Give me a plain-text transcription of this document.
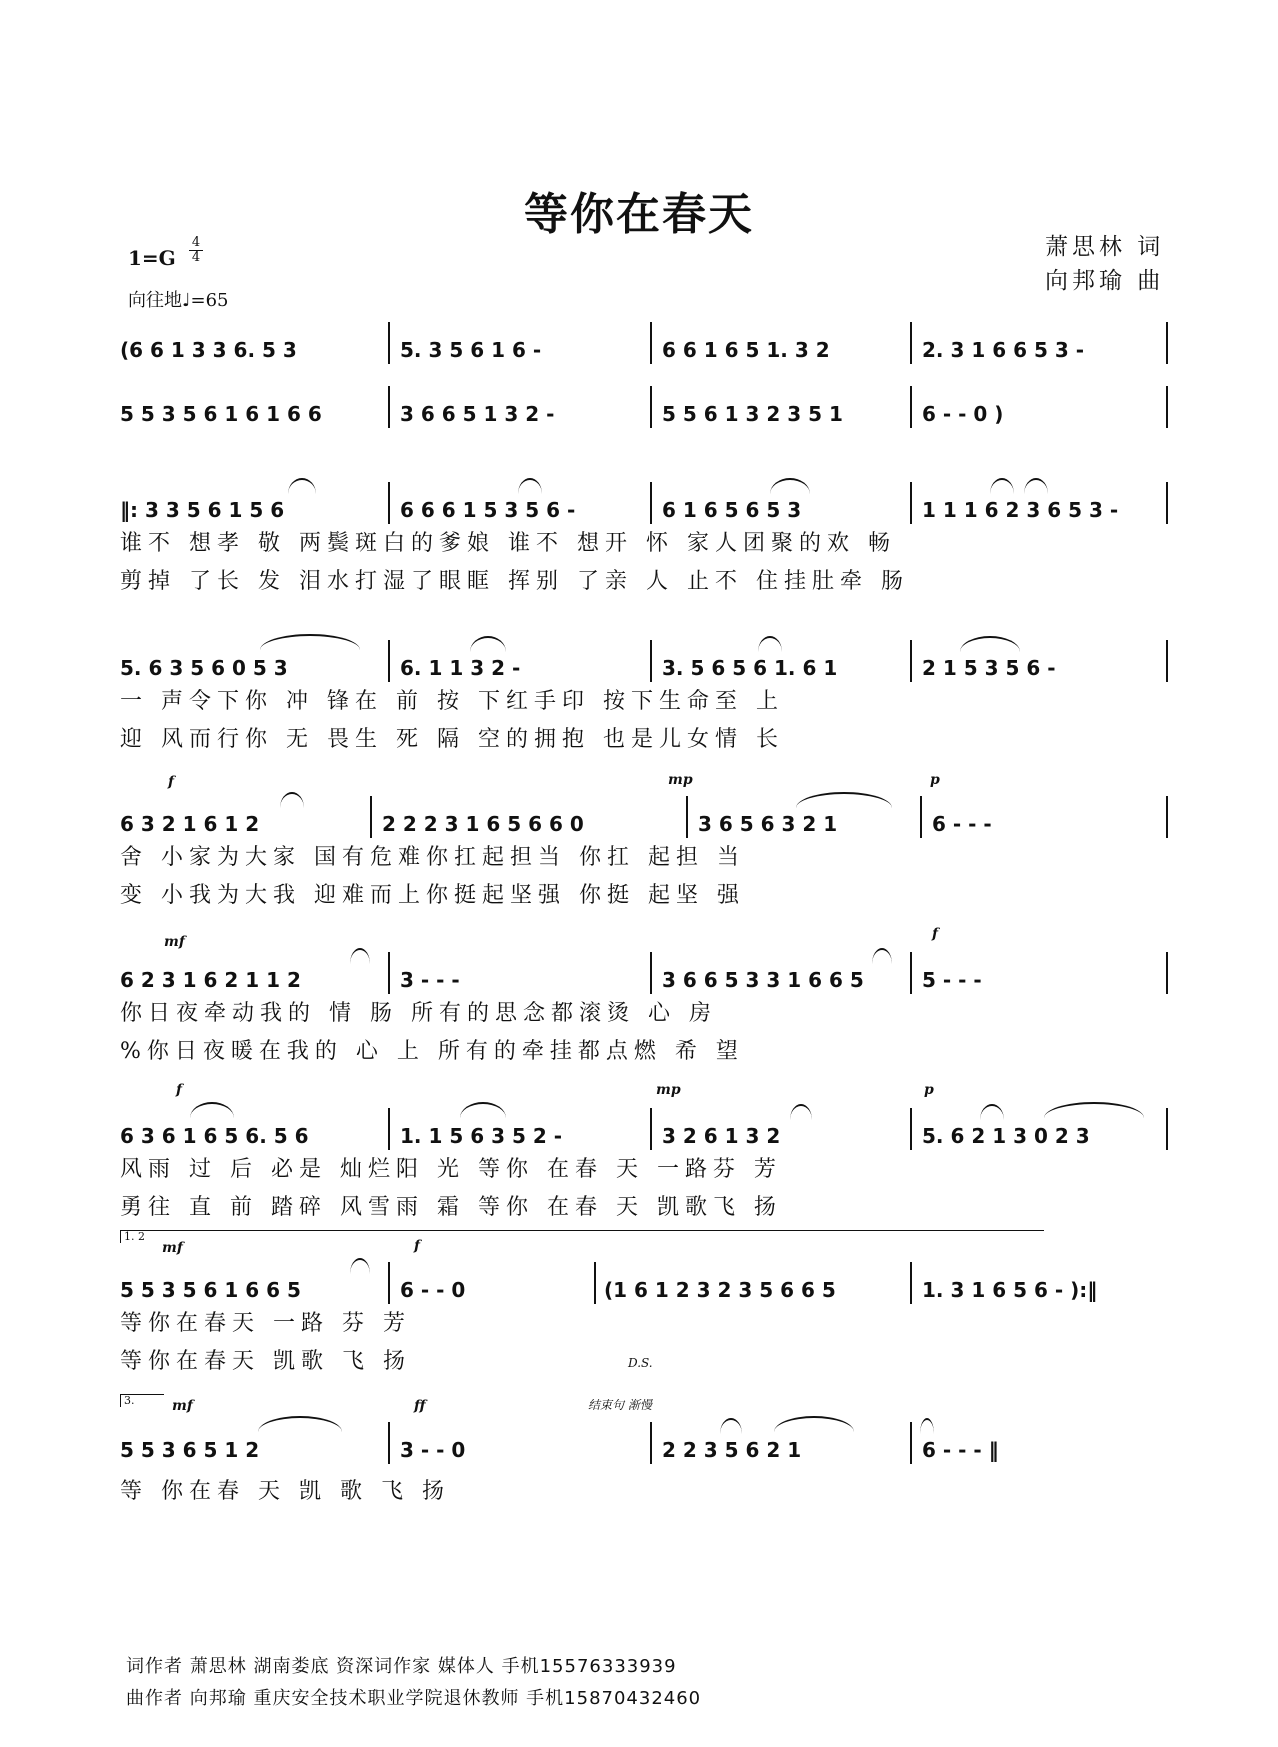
等你在春天
萧思林 词
向邦瑜 曲
1=G
4
4
向往地♩=65
(6 6 1 3 3 6. 5 3	5. 3 5 6 1 6 -	6 6 1 6 5 1. 3 2	2. 3 1 6 6 5 3 -
5 5 3 5 6 1 6 1 6 6	3 6 6 5 1 3 2 -	5 5 6 1 3 2 3 5 1	6 - - 0 )
‖: 3 3 5 6 1 5 6	6 6 6 1 5 3 5 6 -	6 1 6 5 6 5 3	1 1 1 6 2 3 6 5 3 -
谁不 想孝 敬 两鬓斑白的爹娘 谁不 想开 怀 家人团聚的欢 畅
剪掉 了长 发 泪水打湿了眼眶 挥别 了亲 人 止不 住挂肚牵 肠
5. 6 3 5 6 0 5 3	6. 1 1 3 2 -	3. 5 6 5 6 1. 6 1	2 1 5 3 5 6 -
一 声令下你 冲 锋在 前 按 下红手印 按下生命至 上
迎 风而行你 无 畏生 死 隔 空的拥抱 也是儿女情 长
f	mp	p
6 3 2 1 6 1 2	2 2 2 3 1 6 5 6 6 0	3 6 5 6 3 2 1	6 - - -
舍 小家为大家 国有危难你扛起担当 你扛 起担 当
变 小我为大我 迎难而上你挺起坚强 你挺 起坚 强
mf	f
6 2 3 1 6 2 1 1 2	3 - - -	3 6 6 5 3 3 1 6 6 5	5 - - -
你日夜牵动我的 情 肠 所有的思念都滚烫 心 房
%你日夜暖在我的 心 上 所有的牵挂都点燃 希 望
f	mp	p
6 3 6 1 6 5 6. 5 6	1. 1 5 6 3 5 2 -	3 2 6 1 3 2	5. 6 2 1 3 0 2 3
风雨 过 后 必是 灿烂阳 光 等你 在春 天 一路芬 芳
勇往 直 前 踏碎 风雪雨 霜 等你 在春 天 凯歌飞 扬
1. 2
mf	f
5 5 3 5 6 1 6 6 5	6 - - 0	(1 6 1 2 3 2 3 5 6 6 5	1. 3 1 6 5 6 - ):‖
等你在春天 一路 芬 芳
等你在春天 凯歌 飞 扬	D.S.
3.	mf	ff	结束句 渐慢
5 5 3 6 5 1 2	3 - - 0	2 2 3 5 6 2 1	6 - - - ‖
等 你在春 天 凯 歌 飞 扬
词作者 萧思林 湖南娄底 资深词作家 媒体人 手机15576333939
曲作者 向邦瑜 重庆安全技术职业学院退休教师 手机15870432460
